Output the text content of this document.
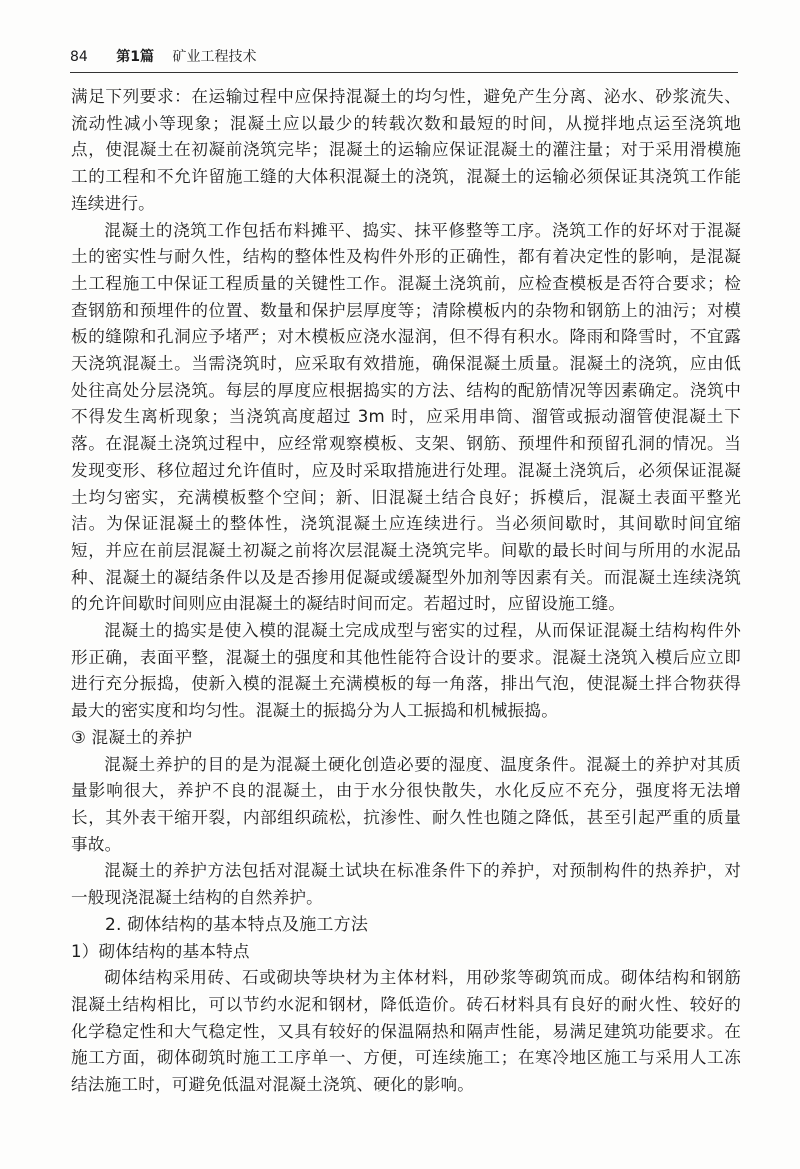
84 第1篇 矿业工程技术

满足下列要求：在运输过程中应保持混凝土的均匀性，避免产生分离、泌水、砂浆流失、流动性减小等现象；混凝土应以最少的转载次数和最短的时间，从搅拌地点运至浇筑地点，使混凝土在初凝前浇筑完毕；混凝土的运输应保证混凝土的灌注量；对于采用滑模施工的工程和不允许留施工缝的大体积混凝土的浇筑，混凝土的运输必须保证其浇筑工作能连续进行。

混凝土的浇筑工作包括布料摊平、捣实、抹平修整等工序。浇筑工作的好坏对于混凝土的密实性与耐久性，结构的整体性及构件外形的正确性，都有着决定性的影响，是混凝土工程施工中保证工程质量的关键性工作。混凝土浇筑前，应检查模板是否符合要求；检查钢筋和预埋件的位置、数量和保护层厚度等；清除模板内的杂物和钢筋上的油污；对模板的缝隙和孔洞应予堵严；对木模板应浇水湿润，但不得有积水。降雨和降雪时，不宜露天浇筑混凝土。当需浇筑时，应采取有效措施，确保混凝土质量。混凝土的浇筑，应由低处往高处分层浇筑。每层的厚度应根据捣实的方法、结构的配筋情况等因素确定。浇筑中不得发生离析现象；当浇筑高度超过 3m 时，应采用串筒、溜管或振动溜管使混凝土下落。在混凝土浇筑过程中，应经常观察模板、支架、钢筋、预埋件和预留孔洞的情况。当发现变形、移位超过允许值时，应及时采取措施进行处理。混凝土浇筑后，必须保证混凝土均匀密实，充满模板整个空间；新、旧混凝土结合良好；拆模后，混凝土表面平整光洁。为保证混凝土的整体性，浇筑混凝土应连续进行。当必须间歇时，其间歇时间宜缩短，并应在前层混凝土初凝之前将次层混凝土浇筑完毕。间歇的最长时间与所用的水泥品种、混凝土的凝结条件以及是否掺用促凝或缓凝型外加剂等因素有关。而混凝土连续浇筑的允许间歇时间则应由混凝土的凝结时间而定。若超过时，应留设施工缝。

混凝土的捣实是使入模的混凝土完成成型与密实的过程，从而保证混凝土结构构件外形正确，表面平整，混凝土的强度和其他性能符合设计的要求。混凝土浇筑入模后应立即进行充分振捣，使新入模的混凝土充满模板的每一角落，排出气泡，使混凝土拌合物获得最大的密实度和均匀性。混凝土的振捣分为人工振捣和机械振捣。

③ 混凝土的养护

混凝土养护的目的是为混凝土硬化创造必要的湿度、温度条件。混凝土的养护对其质量影响很大，养护不良的混凝土，由于水分很快散失，水化反应不充分，强度将无法增长，其外表干缩开裂，内部组织疏松，抗渗性、耐久性也随之降低，甚至引起严重的质量事故。

混凝土的养护方法包括对混凝土试块在标准条件下的养护，对预制构件的热养护，对一般现浇混凝土结构的自然养护。

2. 砌体结构的基本特点及施工方法

1）砌体结构的基本特点

砌体结构采用砖、石或砌块等块材为主体材料，用砂浆等砌筑而成。砌体结构和钢筋混凝土结构相比，可以节约水泥和钢材，降低造价。砖石材料具有良好的耐火性、较好的化学稳定性和大气稳定性，又具有较好的保温隔热和隔声性能，易满足建筑功能要求。在施工方面，砌体砌筑时施工工序单一、方便，可连续施工；在寒冷地区施工与采用人工冻结法施工时，可避免低温对混凝土浇筑、硬化的影响。
